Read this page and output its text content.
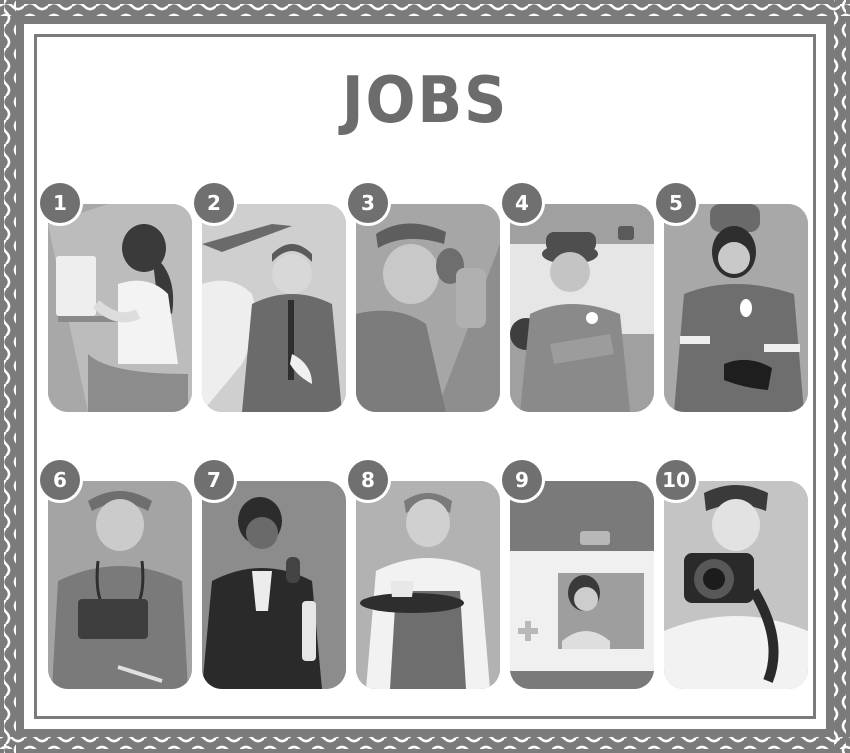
JOBS
1	2	3	4	5
6	7	8	9	10
